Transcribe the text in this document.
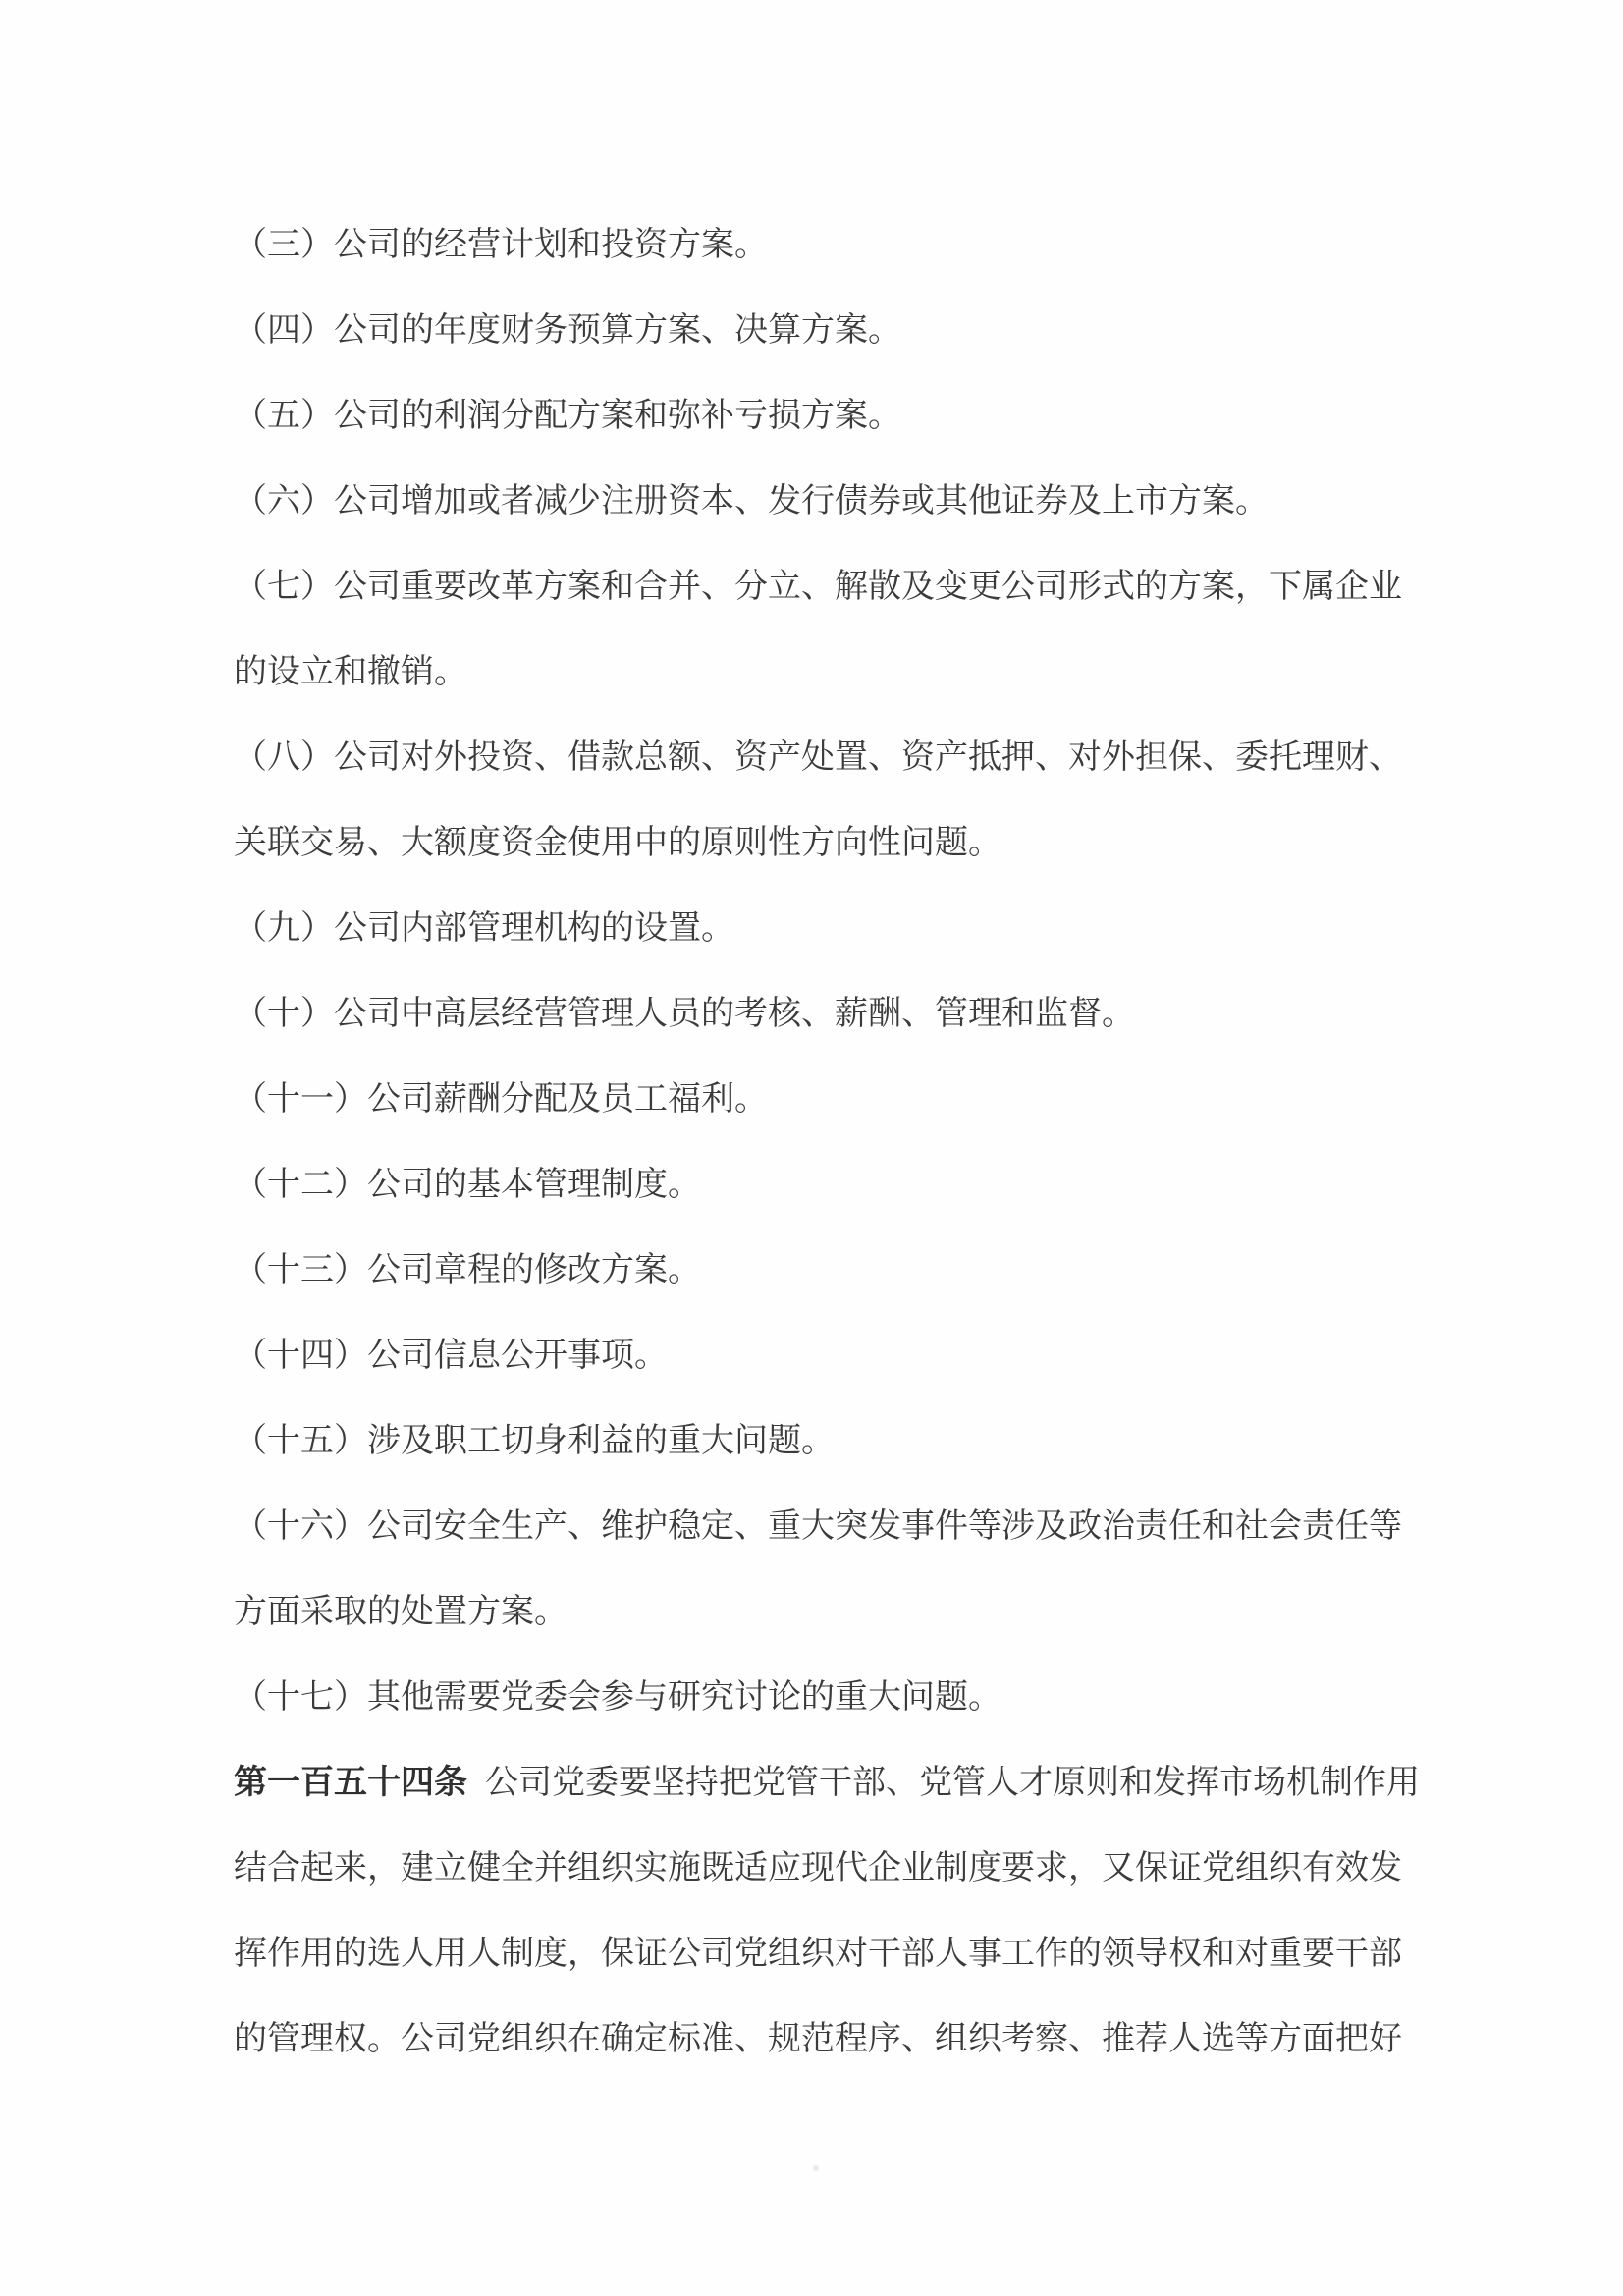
（三）公司的经营计划和投资方案。
（四）公司的年度财务预算方案、决算方案。
（五）公司的利润分配方案和弥补亏损方案。
（六）公司增加或者减少注册资本、发行债券或其他证券及上市方案。
（七）公司重要改革方案和合并、分立、解散及变更公司形式的方案，下属企业
的设立和撤销。
（八）公司对外投资、借款总额、资产处置、资产抵押、对外担保、委托理财、
关联交易、大额度资金使用中的原则性方向性问题。
（九）公司内部管理机构的设置。
（十）公司中高层经营管理人员的考核、薪酬、管理和监督。
（十一）公司薪酬分配及员工福利。
（十二）公司的基本管理制度。
（十三）公司章程的修改方案。
（十四）公司信息公开事项。
（十五）涉及职工切身利益的重大问题。
（十六）公司安全生产、维护稳定、重大突发事件等涉及政治责任和社会责任等
方面采取的处置方案。
（十七）其他需要党委会参与研究讨论的重大问题。
第一百五十四条 公司党委要坚持把党管干部、党管人才原则和发挥市场机制作用
结合起来，建立健全并组织实施既适应现代企业制度要求，又保证党组织有效发
挥作用的选人用人制度，保证公司党组织对干部人事工作的领导权和对重要干部
的管理权。公司党组织在确定标准、规范程序、组织考察、推荐人选等方面把好
